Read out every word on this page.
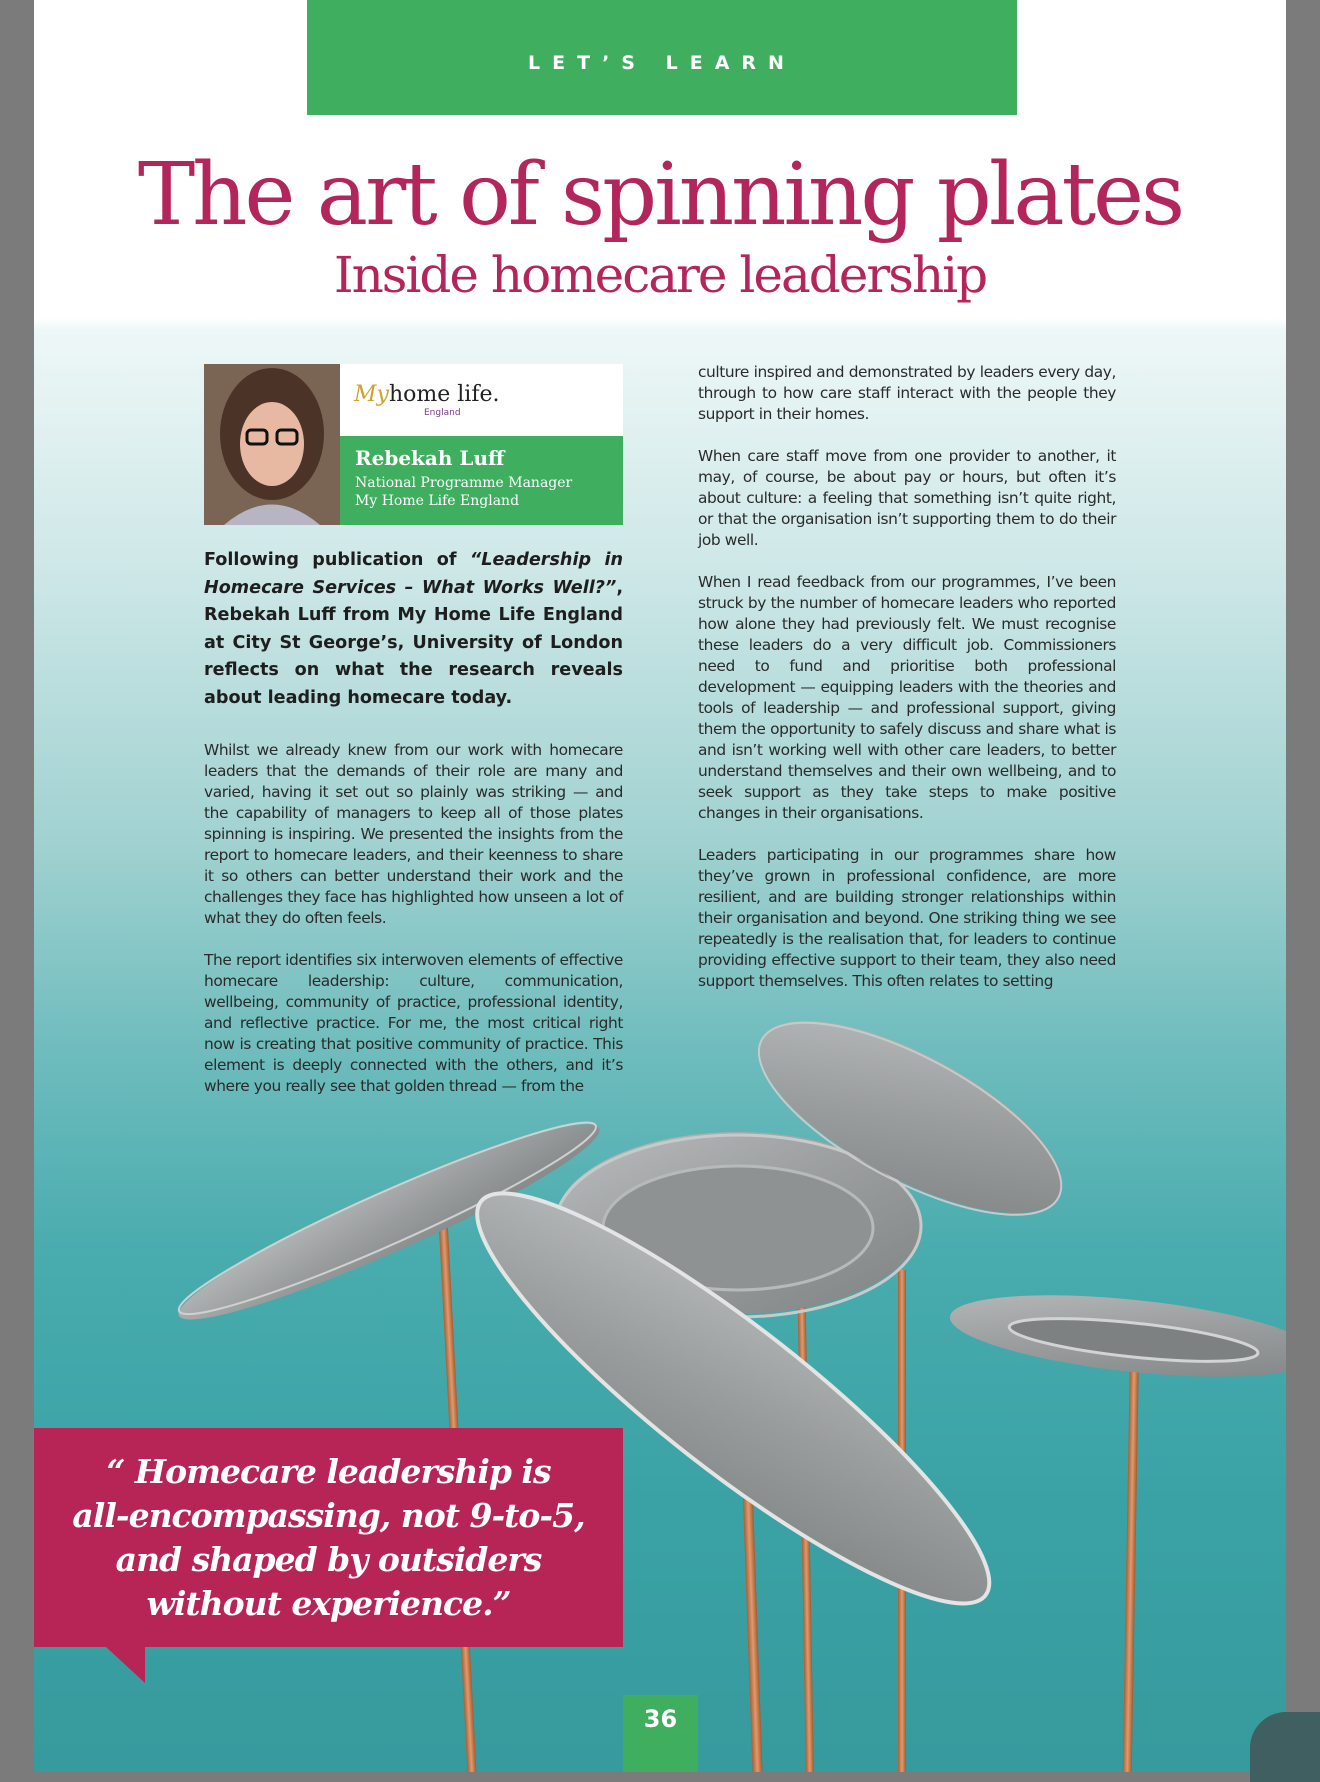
LET’S LEARN
The art of spinning plates
Inside homecare leadership
Myhome life.
England
Rebekah Luff
National Programme Manager
My Home Life England
Following publication of “Leadership in Homecare Services – What Works Well?”, Rebekah Luff from My Home Life England at City St George’s, University of London reflects on what the research reveals about leading homecare today.

Whilst we already knew from our work with homecare leaders that the demands of their role are many and varied, having it set out so plainly was striking — and the capability of managers to keep all of those plates spinning is inspiring. We presented the insights from the report to homecare leaders, and their keenness to share it so others can better understand their work and the challenges they face has highlighted how unseen a lot of what they do often feels.

The report identifies six interwoven elements of effective homecare leadership: culture, communication, wellbeing, community of practice, professional identity, and reflective practice. For me, the most critical right now is creating that positive community of practice. This element is deeply connected with the others, and it’s where you really see that golden thread — from the

culture inspired and demonstrated by leaders every day, through to how care staff interact with the people they support in their homes.

When care staff move from one provider to another, it may, of course, be about pay or hours, but often it’s about culture: a feeling that something isn’t quite right, or that the organisation isn’t supporting them to do their job well.

When I read feedback from our programmes, I’ve been struck by the number of homecare leaders who reported how alone they had previously felt. We must recognise these leaders do a very difficult job. Commissioners need to fund and prioritise both professional development — equipping leaders with the theories and tools of leadership — and professional support, giving them the opportunity to safely discuss and share what is and isn’t working well with other care leaders, to better understand themselves and their own wellbeing, and to seek support as they take steps to make positive changes in their organisations.

Leaders participating in our programmes share how they’ve grown in professional confidence, are more resilient, and are building stronger relationships within their organisation and beyond. One striking thing we see repeatedly is the realisation that, for leaders to continue providing effective support to their team, they also need support themselves. This often relates to setting

“ Homecare leadership is
all-encompassing, not 9-to-5,
and shaped by outsiders
without experience.”
36
